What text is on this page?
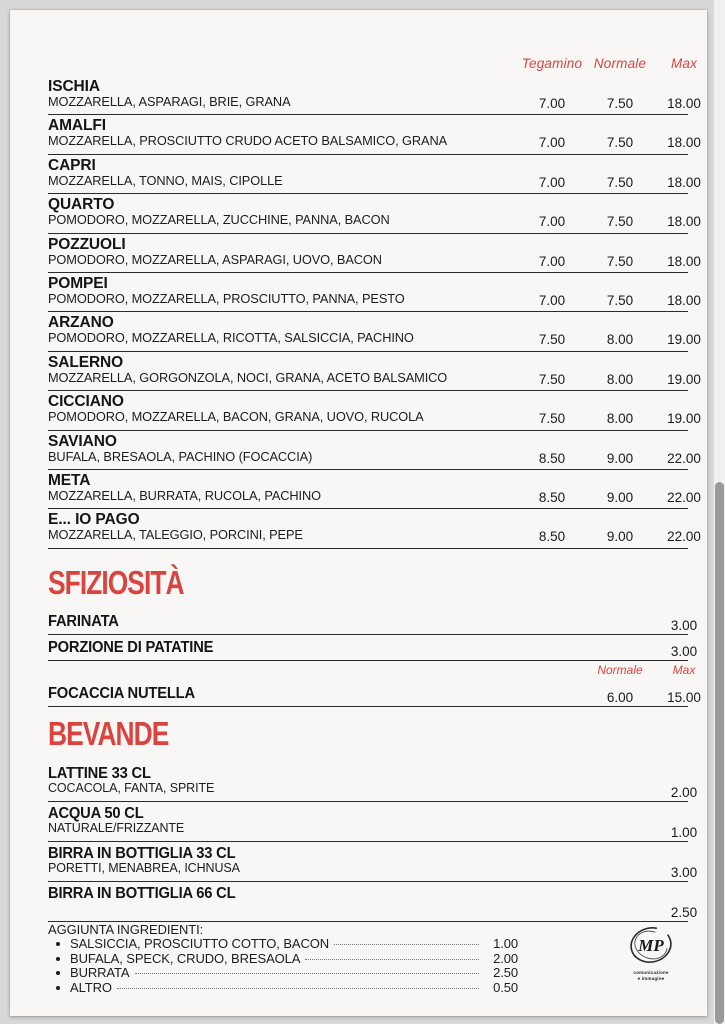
Tegamino Normale	Max
ISCHIA
MOZZARELLA, ASPARAGI, BRIE, GRANA	7.00	7.50	18.00
AMALFI
MOZZARELLA, PROSCIUTTO CRUDO ACETO BALSAMICO, GRANA	7.00	7.50	18.00
CAPRI
MOZZARELLA, TONNO, MAIS, CIPOLLE	7.00	7.50	18.00
QUARTO
POMODORO, MOZZARELLA, ZUCCHINE, PANNA, BACON	7.00	7.50	18.00
POZZUOLI
POMODORO, MOZZARELLA, ASPARAGI, UOVO, BACON	7.00	7.50	18.00
POMPEI
POMODORO, MOZZARELLA, PROSCIUTTO, PANNA, PESTO	7.00	7.50	18.00
ARZANO
POMODORO, MOZZARELLA, RICOTTA, SALSICCIA, PACHINO	7.50	8.00	19.00
SALERNO
MOZZARELLA, GORGONZOLA, NOCI, GRANA, ACETO BALSAMICO	7.50	8.00	19.00
CICCIANO
POMODORO, MOZZARELLA, BACON, GRANA, UOVO, RUCOLA	7.50	8.00	19.00
SAVIANO
BUFALA, BRESAOLA, PACHINO (FOCACCIA)	8.50	9.00	22.00
META
MOZZARELLA, BURRATA, RUCOLA, PACHINO	8.50	9.00	22.00
E... IO PAGO
MOZZARELLA, TALEGGIO, PORCINI, PEPE	8.50	9.00	22.00
SFIZIOSITÀ
FARINATA	3.00
PORZIONE DI PATATINE	3.00
FOCACCIA NUTELLA
Normale	Max
6.00	15.00
BEVANDE
LATTINE 33 CL
COCACOLA, FANTA, SPRITE	2.00
ACQUA 50 CL
NATURALE/FRIZZANTE	1.00
BIRRA IN BOTTIGLIA 33 CL
PORETTI, MENABREA, ICHNUSA	3.00
BIRRA IN BOTTIGLIA 66 CL
2.50
AGGIUNTA INGREDIENTI:
SALSICCIA, PROSCIUTTO COTTO, BACON	1.00
BUFALA, SPECK, CRUDO, BRESAOLA	2.00
BURRATA	2.50
ALTRO	0.50
MP
comunicazione
e immagine
